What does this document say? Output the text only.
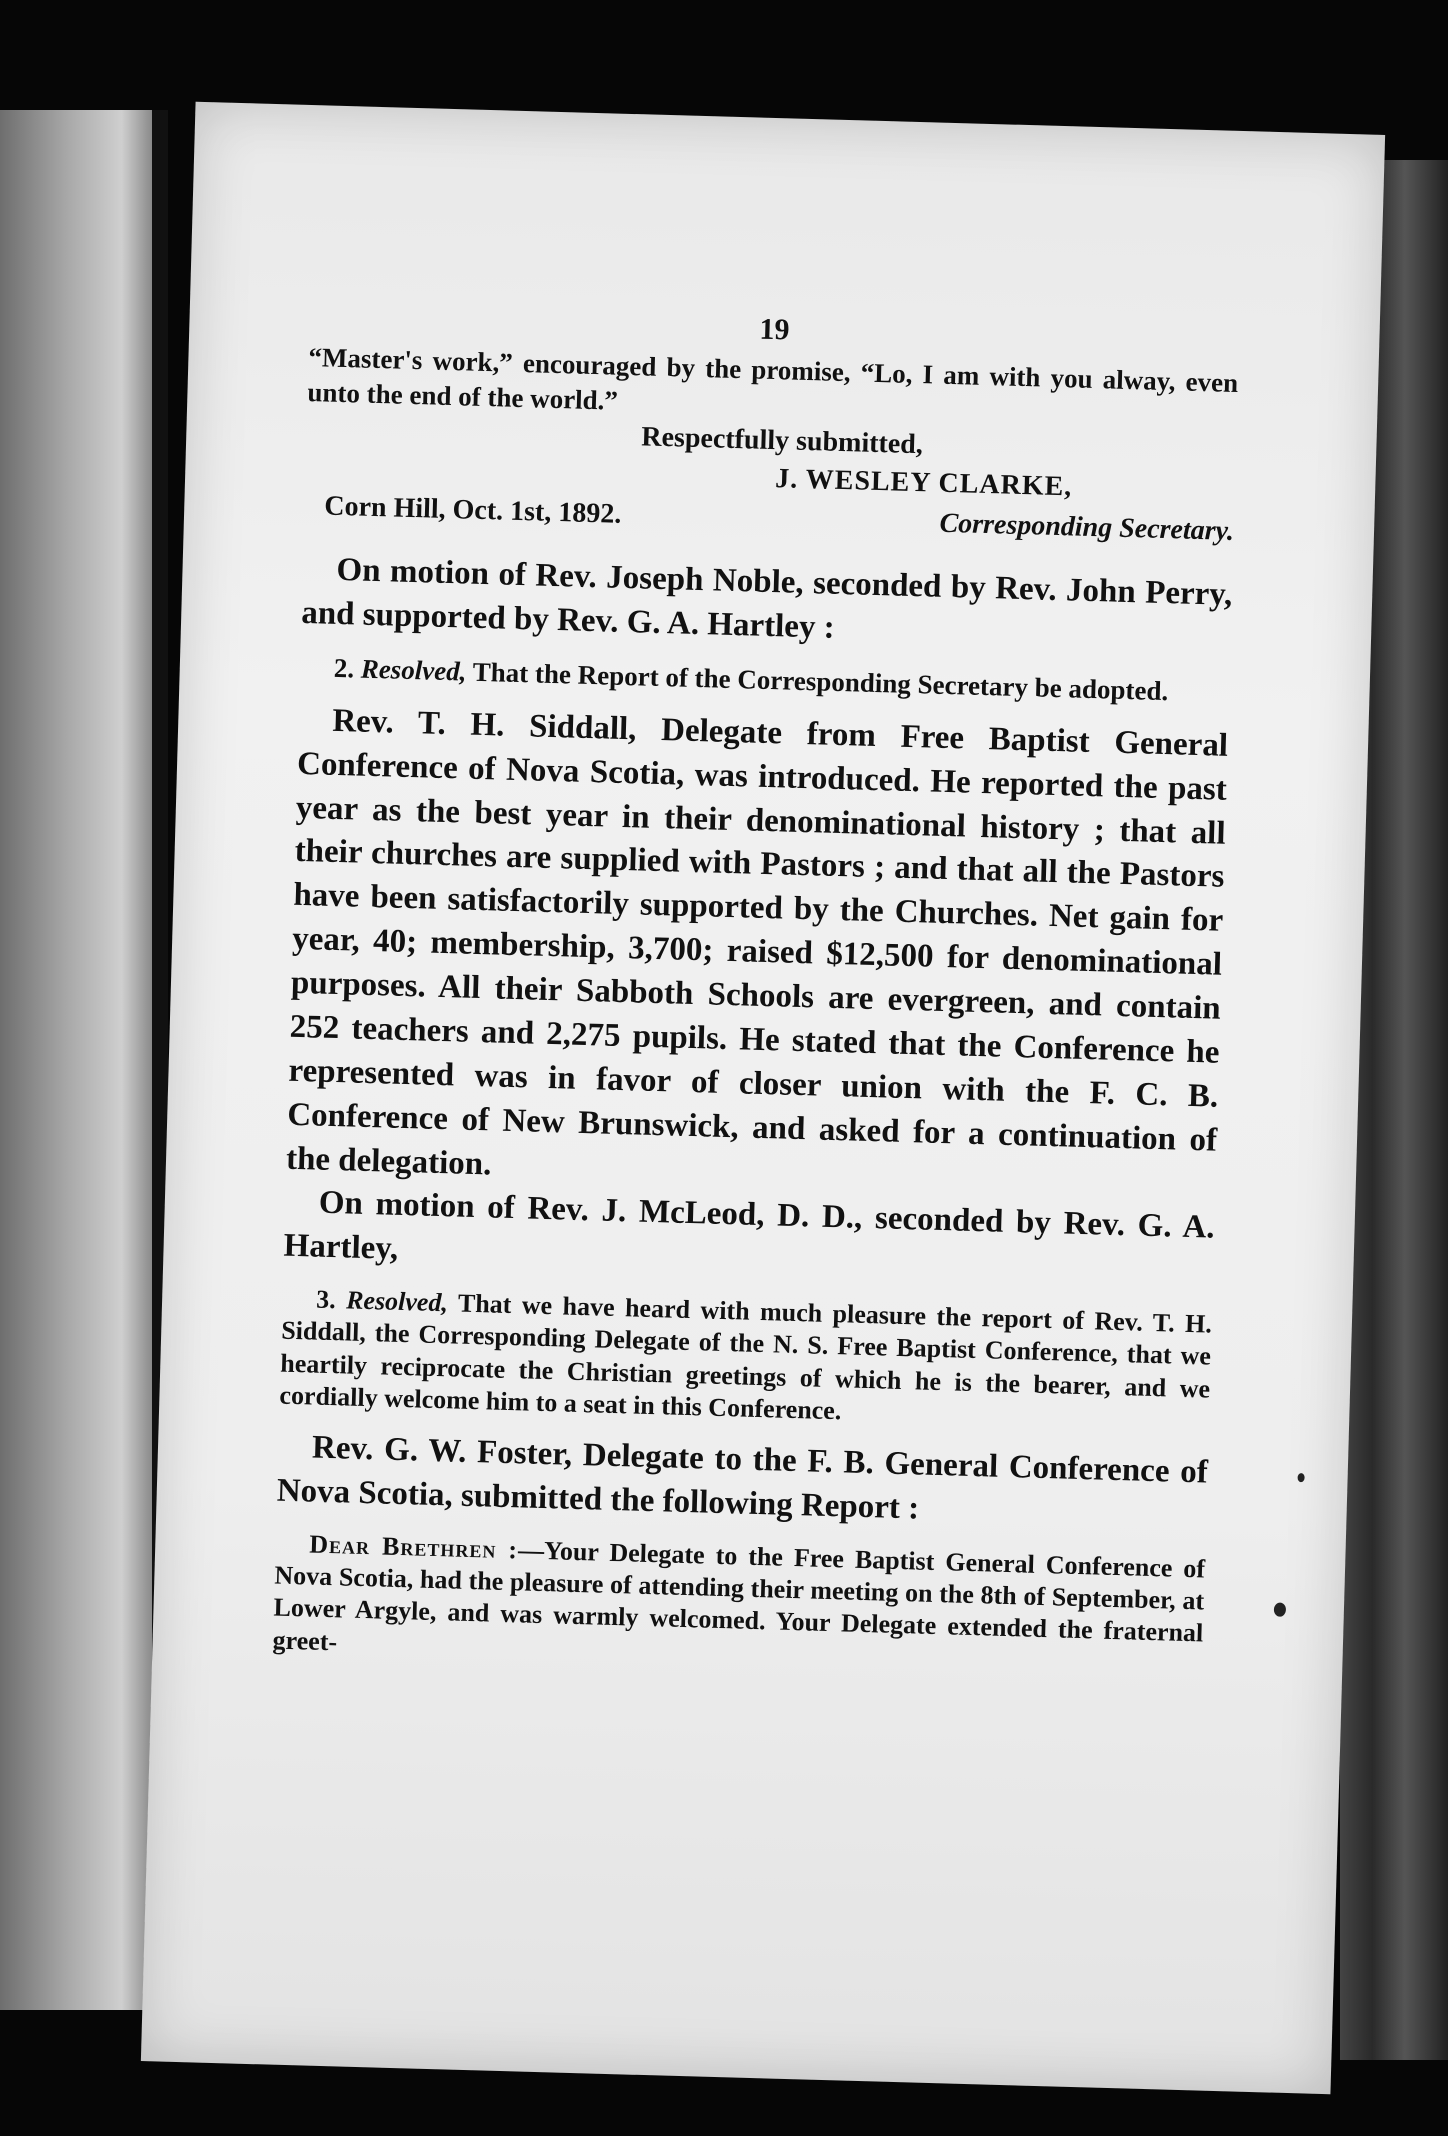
19

“Master's work,” encouraged by the promise, “Lo, I am with you alway, even unto the end of the world.”

Respectfully submitted,
J. WESLEY CLARKE,
Corn Hill, Oct. 1st, 1892.	Corresponding Secretary.

On motion of Rev. Joseph Noble, seconded by Rev. John Perry, and supported by Rev. G. A. Hartley :

2. Resolved, That the Report of the Corresponding Secretary be adopted.

Rev. T. H. Siddall, Delegate from Free Baptist General Conference of Nova Scotia, was introduced. He reported the past year as the best year in their denominational history ; that all their churches are supplied with Pastors ; and that all the Pastors have been satisfactorily supported by the Churches. Net gain for year, 40; membership, 3,700; raised $12,500 for denominational purposes. All their Sabboth Schools are evergreen, and contain 252 teachers and 2,275 pupils. He stated that the Conference he represented was in favor of closer union with the F. C. B. Conference of New Brunswick, and asked for a continuation of the delegation.

On motion of Rev. J. McLeod, D. D., seconded by Rev. G. A. Hartley,

3. Resolved, That we have heard with much pleasure the report of Rev. T. H. Siddall, the Corresponding Delegate of the N. S. Free Baptist Conference, that we heartily reciprocate the Christian greetings of which he is the bearer, and we cordially welcome him to a seat in this Conference.

Rev. G. W. Foster, Delegate to the F. B. General Conference of Nova Scotia, submitted the following Report :

Dear Brethren :—Your Delegate to the Free Baptist General Conference of Nova Scotia, had the pleasure of attending their meeting on the 8th of September, at Lower Argyle, and was warmly welcomed. Your Delegate extended the fraternal greet-
